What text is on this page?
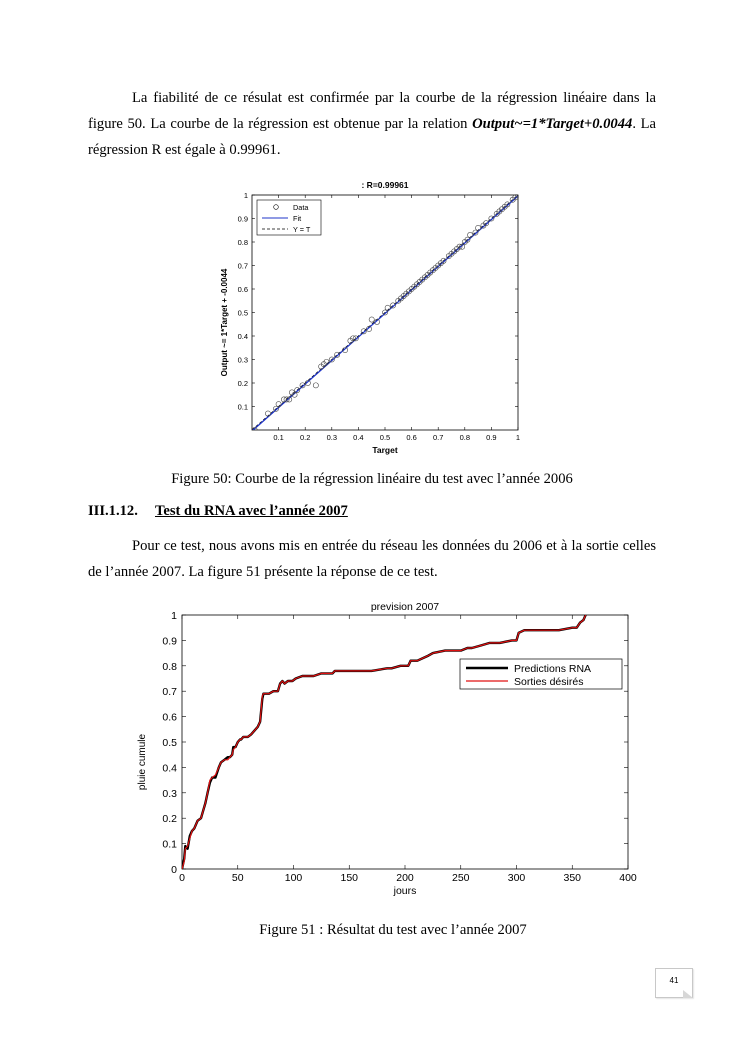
La fiabilité de ce résulat est confirmée par la courbe de la régression linéaire dans la figure 50. La courbe de la régression est obtenue par la relation Output~=1*Target+0.0044. La régression R est égale à 0.99961.
0.1 0.2 0.3 0.4 0.5 0.6 0.7 0.8 0.9	1
0.1
0.2
0.3
0.4
0.5
0.6
0.7
0.8
0.9
1
: R=0.99961
Target
Output ~= 1*Target + -0.0044
Data
Fit
Y = T
Figure 50: Courbe de la régression linéaire du test avec l’année 2006
III.1.12. Test du RNA avec l’année 2007
Pour ce test, nous avons mis en entrée du réseau les données du 2006 et à la sortie celles de l’année 2007. La figure 51 présente la réponse de ce test.
0	50	100	150	200	250	300	350	400
0
0.1
0.2
0.3
0.4
0.5
0.6
0.7
0.8
0.9
1
prevision 2007
jours
pluie cumule
Predictions RNA
Sorties désirés
Figure 51 : Résultat du test avec l’année 2007
41
